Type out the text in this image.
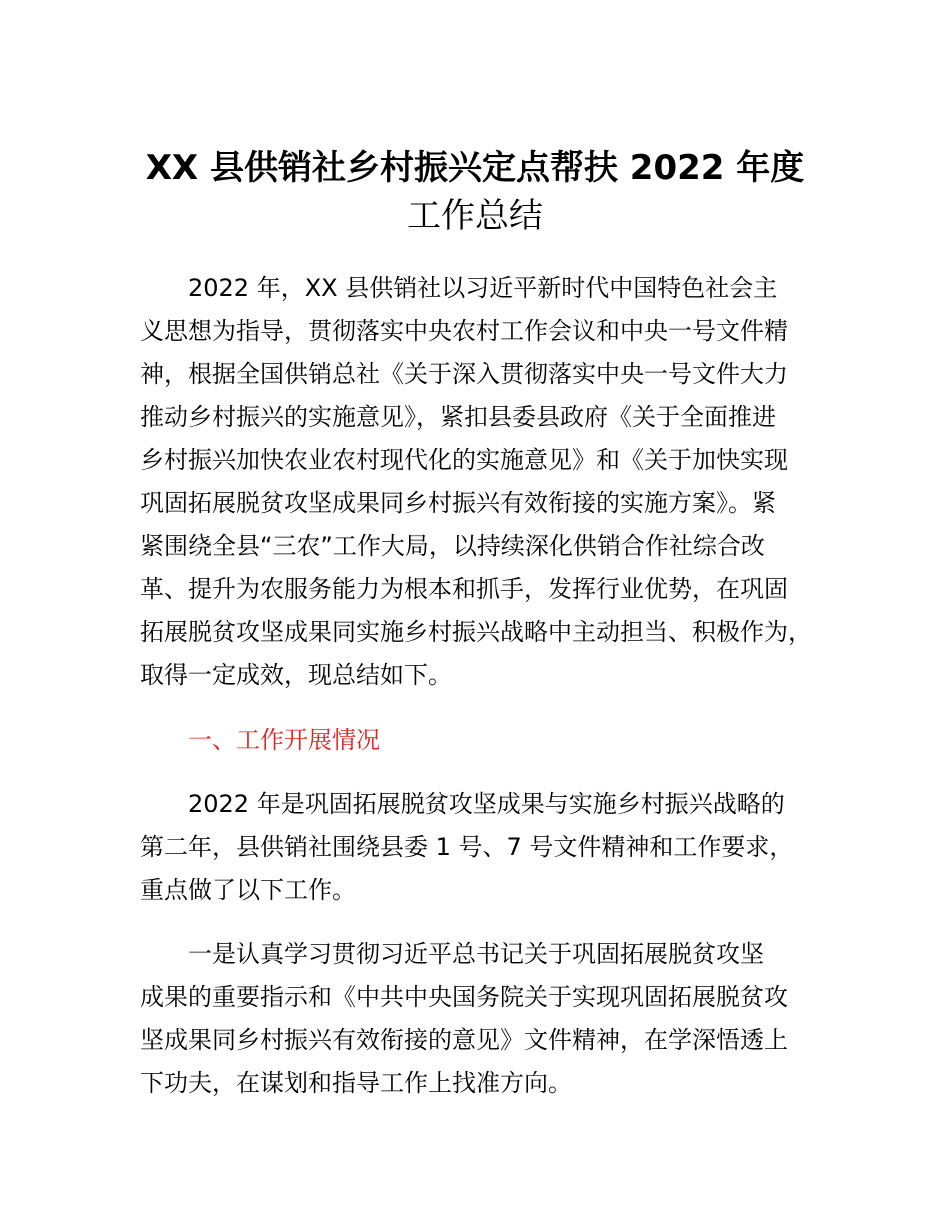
XX 县供销社乡村振兴定点帮扶 2022 年度
工作总结

2022 年，XX 县供销社以习近平新时代中国特色社会主

义思想为指导，贯彻落实中央农村工作会议和中央一号文件精

神，根据全国供销总社《关于深入贯彻落实中央一号文件大力

推动乡村振兴的实施意见》，紧扣县委县政府《关于全面推进

乡村振兴加快农业农村现代化的实施意见》和《关于加快实现

巩固拓展脱贫攻坚成果同乡村振兴有效衔接的实施方案》。紧

紧围绕全县“三农”工作大局，以持续深化供销合作社综合改

革、提升为农服务能力为根本和抓手，发挥行业优势，在巩固

拓展脱贫攻坚成果同实施乡村振兴战略中主动担当、积极作为，

取得一定成效，现总结如下。

一、工作开展情况

2022 年是巩固拓展脱贫攻坚成果与实施乡村振兴战略的

第二年，县供销社围绕县委 1 号、7 号文件精神和工作要求，

重点做了以下工作。

一是认真学习贯彻习近平总书记关于巩固拓展脱贫攻坚

成果的重要指示和《中共中央国务院关于实现巩固拓展脱贫攻

坚成果同乡村振兴有效衔接的意见》文件精神，在学深悟透上

下功夫，在谋划和指导工作上找准方向。
